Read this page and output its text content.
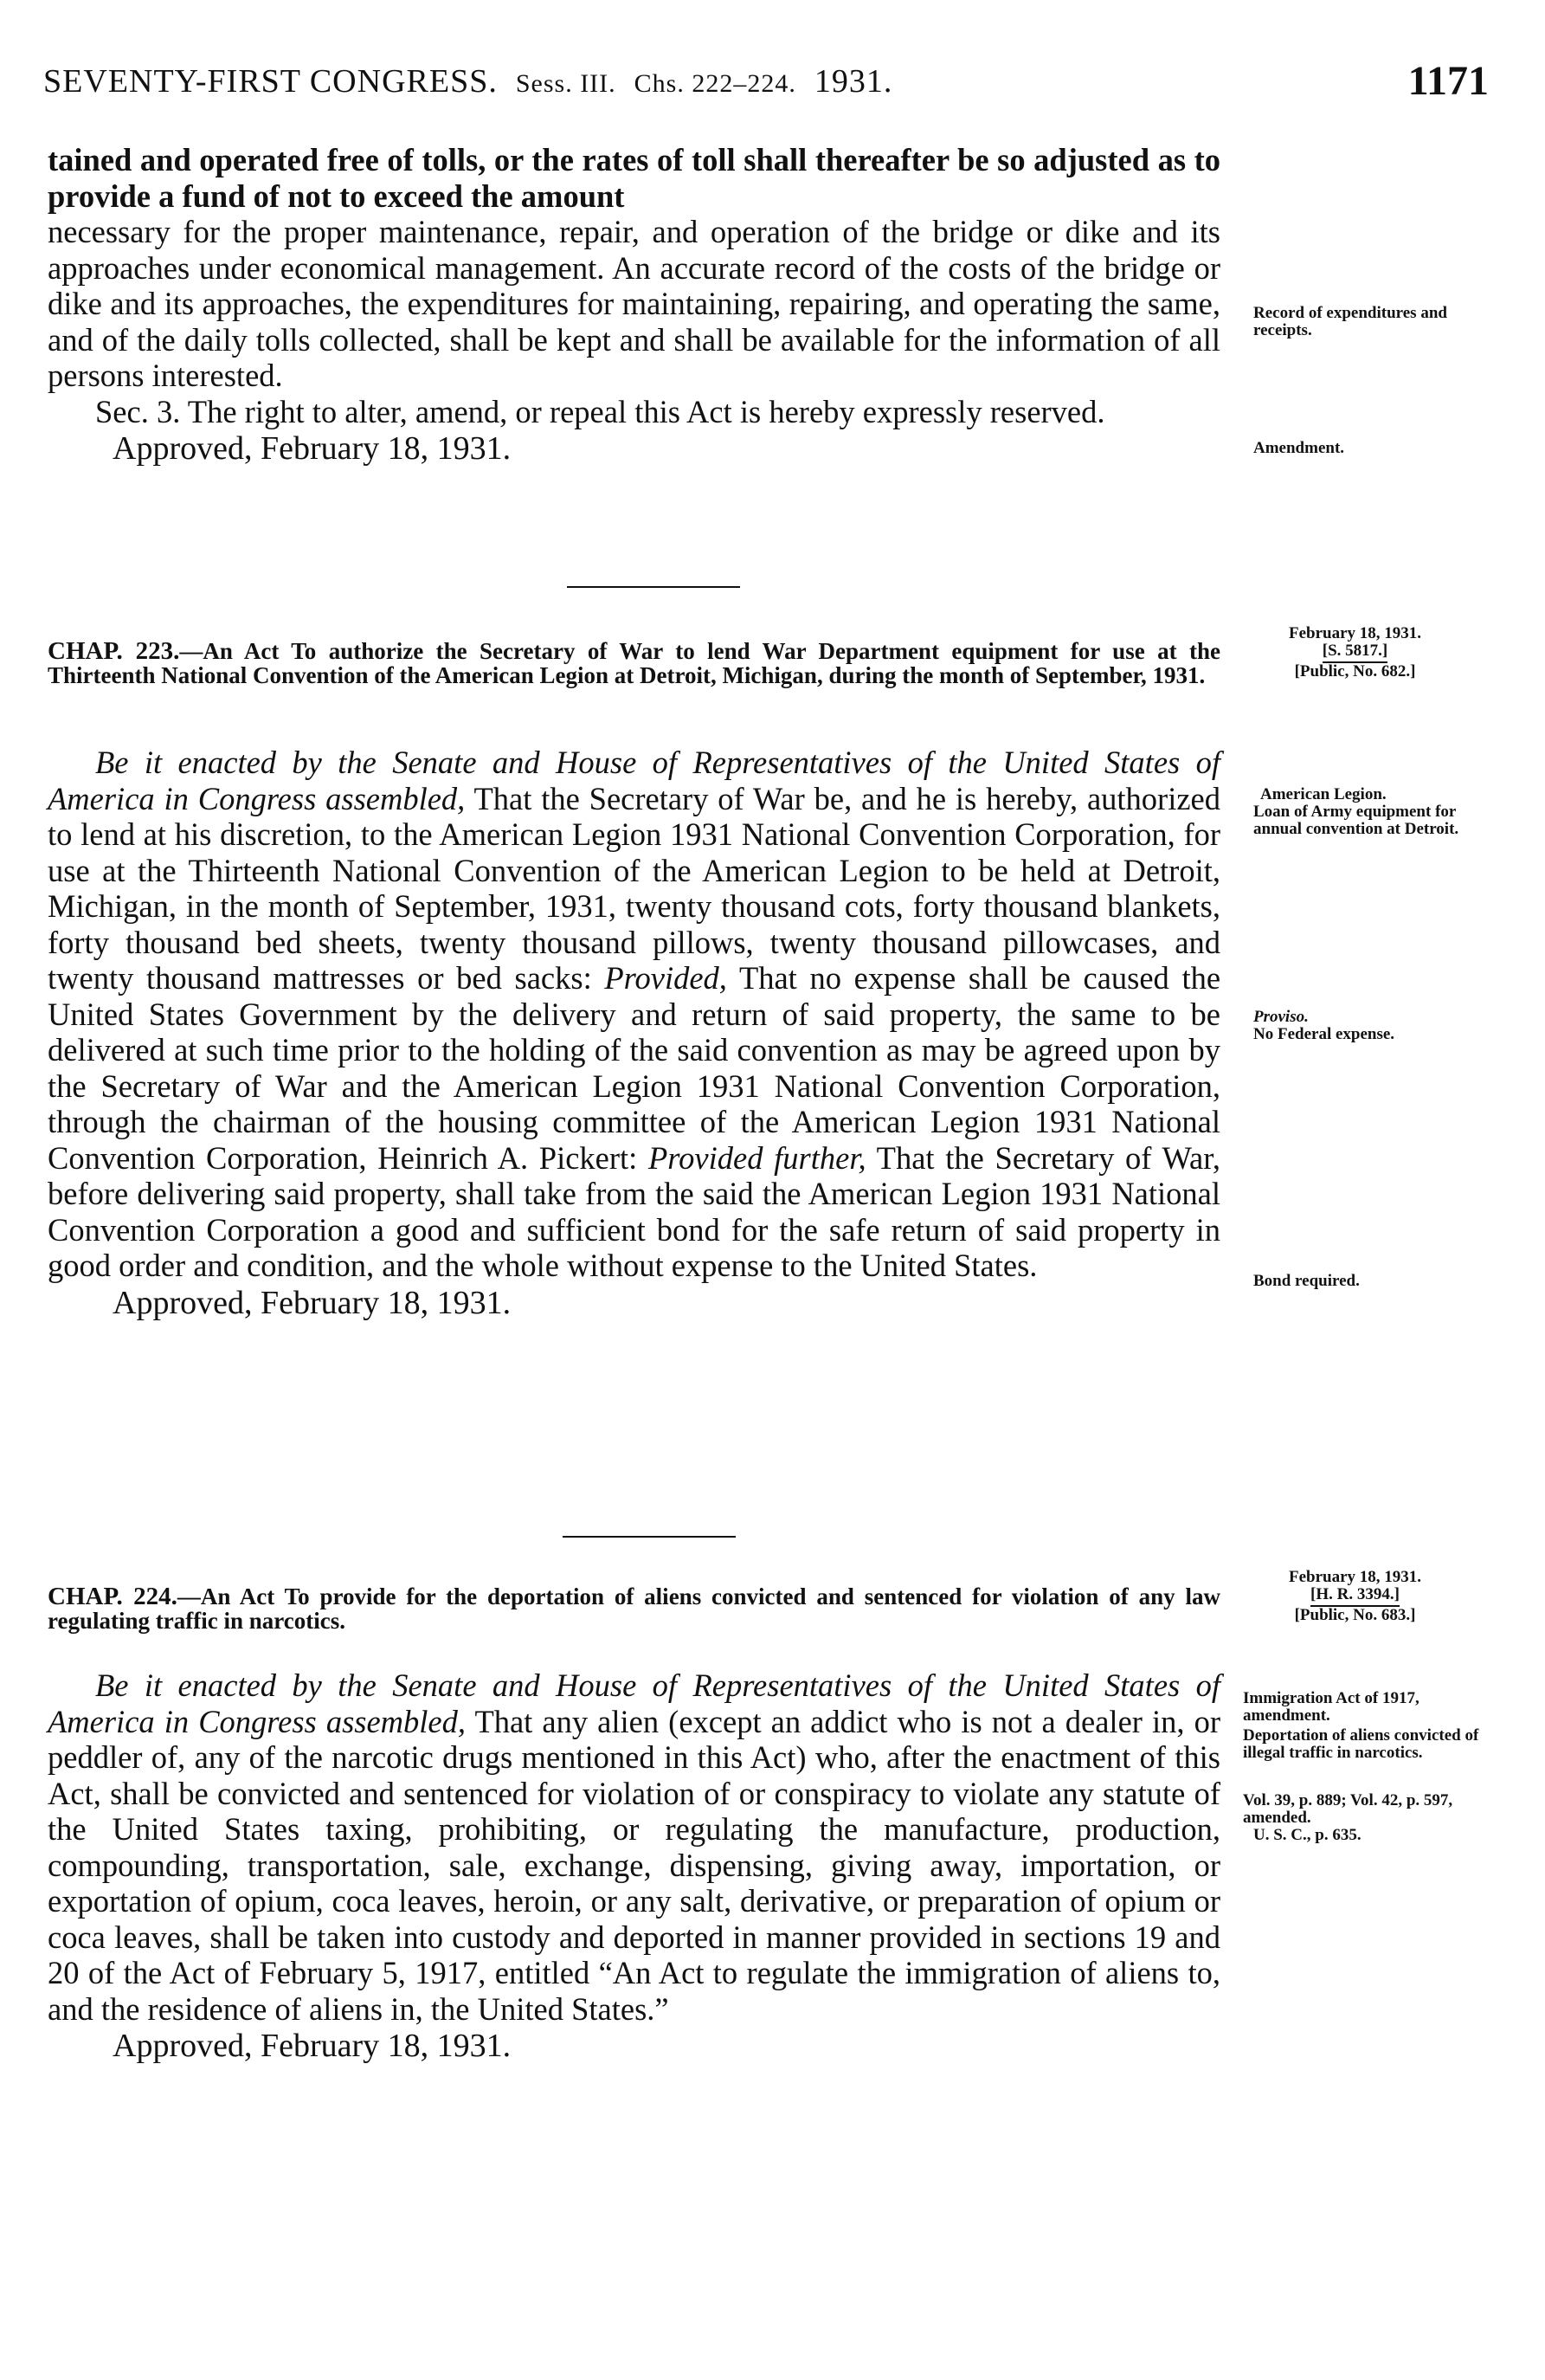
SEVENTY-FIRST CONGRESS. Sess. III. Chs. 222–224. 1931.	1171

tained and operated free of tolls, or the rates of toll shall thereafter be so adjusted as to provide a fund of not to exceed the amount

necessary for the proper maintenance, repair, and operation of the bridge or dike and its approaches under economical management. An accurate record of the costs of the bridge or dike and its approaches, the expenditures for maintaining, repairing, and operating the same, and of the daily tolls collected, shall be kept and shall be available for the information of all persons interested.

Sec. 3. The right to alter, amend, or repeal this Act is hereby expressly reserved.

Approved, February 18, 1931.

CHAP. 223.—An Act To authorize the Secretary of War to lend War Department equipment for use at the Thirteenth National Convention of the American Legion at Detroit, Michigan, during the month of September, 1931.

Be it enacted by the Senate and House of Representatives of the United States of America in Congress assembled, That the Secretary of War be, and he is hereby, authorized to lend at his discretion, to the American Legion 1931 National Convention Corporation, for use at the Thirteenth National Convention of the American Legion to be held at Detroit, Michigan, in the month of September, 1931, twenty thousand cots, forty thousand blankets, forty thousand bed sheets, twenty thousand pillows, twenty thousand pillowcases, and twenty thousand mattresses or bed sacks: Provided, That no expense shall be caused the United States Government by the delivery and return of said property, the same to be delivered at such time prior to the holding of the said convention as may be agreed upon by the Secretary of War and the American Legion 1931 National Convention Corporation, through the chairman of the housing committee of the American Legion 1931 National Convention Corporation, Heinrich A. Pickert: Provided further, That the Secretary of War, before delivering said property, shall take from the said the American Legion 1931 National Convention Corporation a good and sufficient bond for the safe return of said property in good order and condition, and the whole without expense to the United States.

Approved, February 18, 1931.

CHAP. 224.—An Act To provide for the deportation of aliens convicted and sentenced for violation of any law regulating traffic in narcotics.

Be it enacted by the Senate and House of Representatives of the United States of America in Congress assembled, That any alien (except an addict who is not a dealer in, or peddler of, any of the narcotic drugs mentioned in this Act) who, after the enactment of this Act, shall be convicted and sentenced for violation of or conspiracy to violate any statute of the United States taxing, prohibiting, or regulating the manufacture, production, compounding, transportation, sale, exchange, dispensing, giving away, importation, or exportation of opium, coca leaves, heroin, or any salt, derivative, or preparation of opium or coca leaves, shall be taken into custody and deported in manner provided in sections 19 and 20 of the Act of February 5, 1917, entitled “An Act to regulate the immigration of aliens to, and the residence of aliens in, the United States.”

Approved, February 18, 1931.

Record of expenditures and receipts.
Amendment.
February 18, 1931.
[S. 5817.]
[Public, No. 682.]
American Legion.
Loan of Army equipment for annual convention at Detroit.
Proviso.
No Federal expense.
Bond required.
February 18, 1931.
[H. R. 3394.]
[Public, No. 683.]
Immigration Act of 1917, amendment.
Deportation of aliens convicted of illegal traffic in narcotics.
Vol. 39, p. 889; Vol. 42, p. 597, amended.
U. S. C., p. 635.
